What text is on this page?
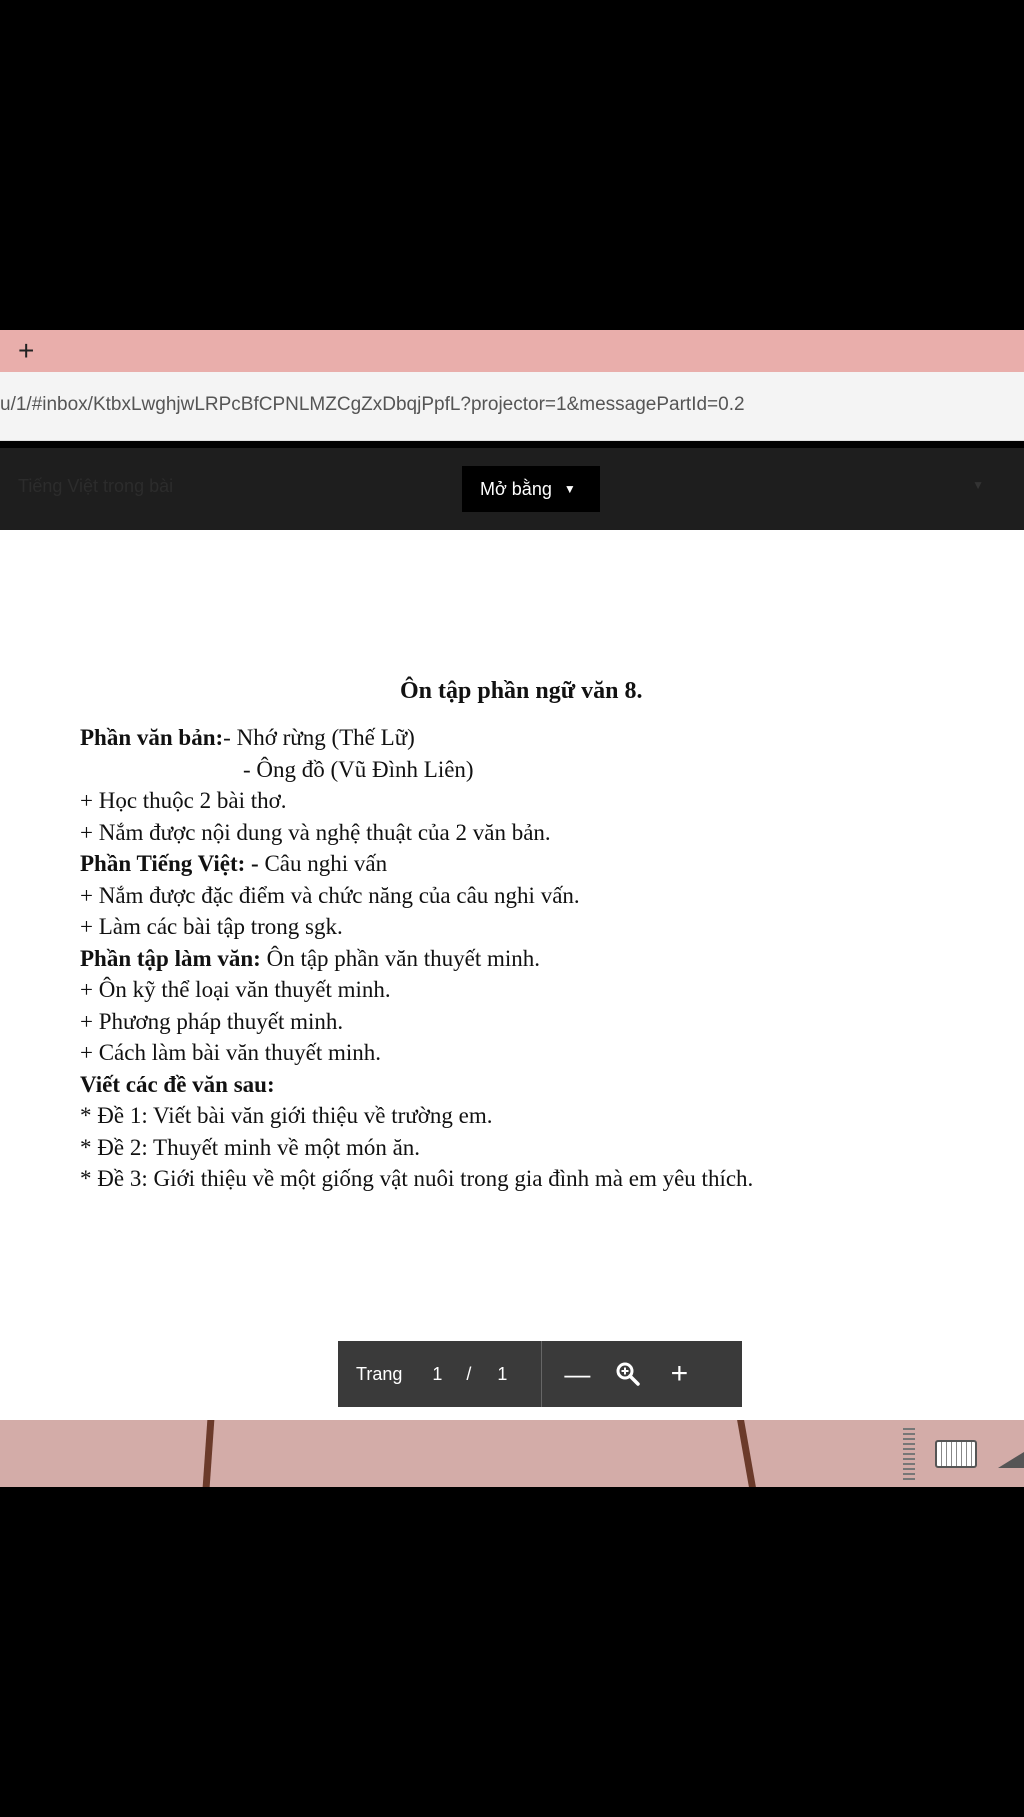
+
u/1/#inbox/KtbxLwghjwLRPcBfCPNLMZCgZxDbqjPpfL?projector=1&messagePartId=0.2
Tiếng Việt trong bài	Mở bằng ▼	▼
Ôn tập phần ngữ văn 8.
Phần văn bản:- Nhớ rừng (Thế Lữ)
- Ông đồ (Vũ Đình Liên)
+ Học thuộc 2 bài thơ.
+ Nắm được nội dung và nghệ thuật của 2 văn bản.
Phần Tiếng Việt: - Câu nghi vấn
+ Nắm được đặc điểm và chức năng của câu nghi vấn.
+ Làm các bài tập trong sgk.
Phần tập làm văn: Ôn tập phần văn thuyết minh.
+ Ôn kỹ thể loại văn thuyết minh.
+ Phương pháp thuyết minh.
+ Cách làm bài văn thuyết minh.
Viết các đề văn sau:
* Đề 1: Viết bài văn giới thiệu về trường em.
* Đề 2: Thuyết minh về một món ăn.
* Đề 3: Giới thiệu về một giống vật nuôi trong gia đình mà em yêu thích.
Trang 1 / 1 —	+
